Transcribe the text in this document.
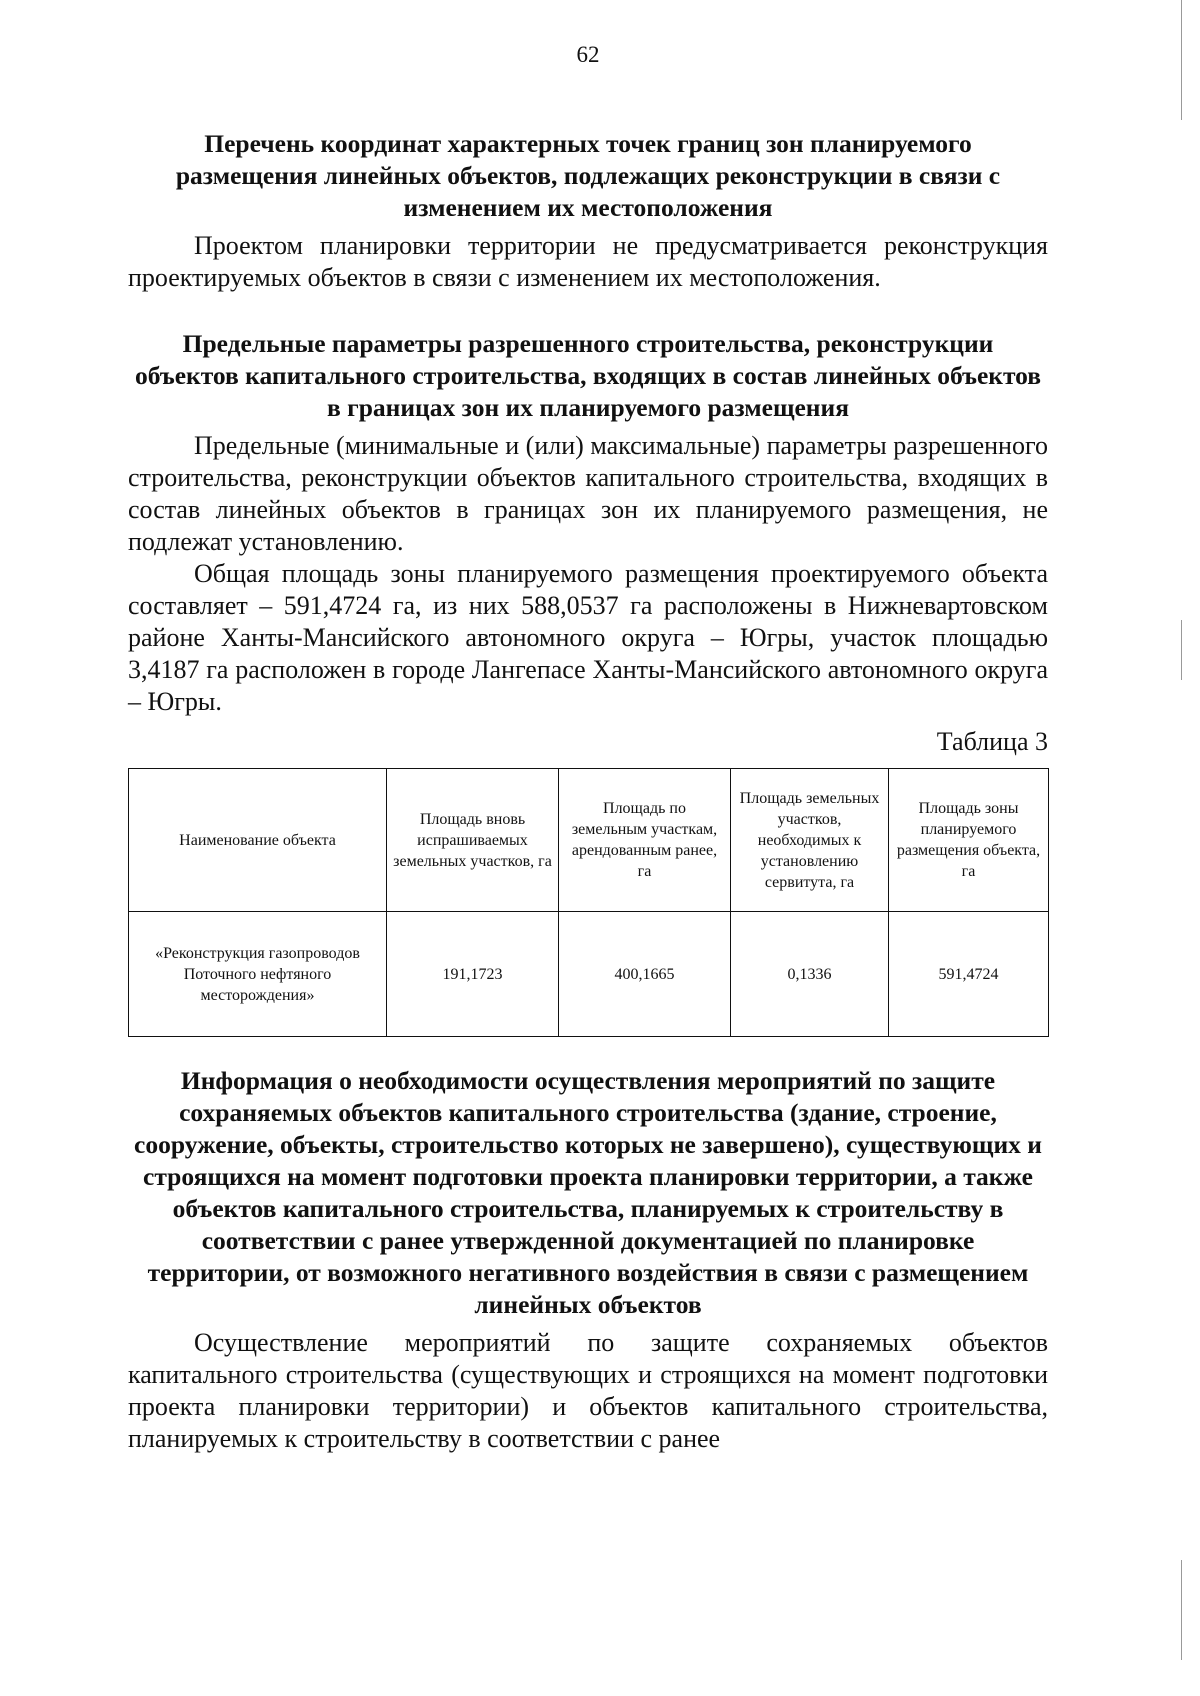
62
Перечень координат характерных точек границ зон планируемого размещения линейных объектов, подлежащих реконструкции в связи с изменением их местоположения

Проектом планировки территории не предусматривается реконструкция проектируемых объектов в связи с изменением их местоположения.

Предельные параметры разрешенного строительства, реконструкции объектов капитального строительства, входящих в состав линейных объектов в границах зон их планируемого размещения

Предельные (минимальные и (или) максимальные) параметры разрешенного строительства, реконструкции объектов капитального строительства, входящих в состав линейных объектов в границах зон их планируемого размещения, не подлежат установлению.

Общая площадь зоны планируемого размещения проектируемого объекта составляет – 591,4724 га, из них 588,0537 га расположены в Нижневартовском районе Ханты-Мансийского автономного округа – Югры, участок площадью 3,4187 га расположен в городе Лангепасе Ханты-Мансийского автономного округа – Югры.

Таблица 3
Наименование объекта	Площадь вновь испрашиваемых земельных участков, га	Площадь по земельным участкам, арендованным ранее, га	Площадь земельных участков, необходимых к установлению сервитута, га	Площадь зоны планируемого размещения объекта, га
«Реконструкция газопроводов Поточного нефтяного месторождения»	191,1723	400,1665	0,1336	591,4724
Информация о необходимости осуществления мероприятий по защите сохраняемых объектов капитального строительства (здание, строение, сооружение, объекты, строительство которых не завершено), существующих и строящихся на момент подготовки проекта планировки территории, а также объектов капитального строительства, планируемых к строительству в соответствии с ранее утвержденной документацией по планировке территории, от возможного негативного воздействия в связи с размещением линейных объектов

Осуществление мероприятий по защите сохраняемых объектов капитального строительства (существующих и строящихся на момент подготовки проекта планировки территории) и объектов капитального строительства, планируемых к строительству в соответствии с ранее
